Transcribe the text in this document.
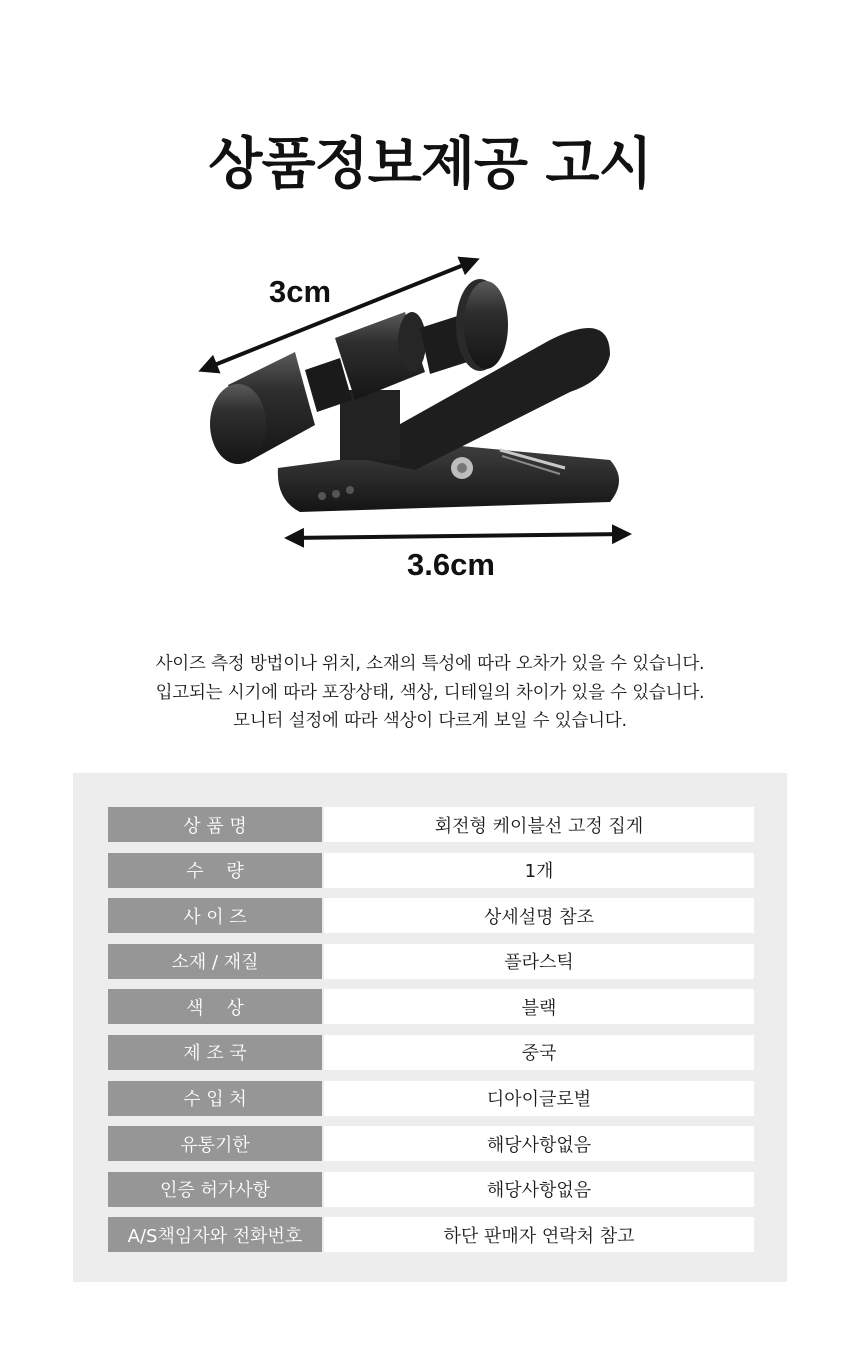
상품정보제공 고시
3cm
3.6cm
사이즈 측정 방법이나 위치, 소재의 특성에 따라 오차가 있을 수 있습니다.
입고되는 시기에 따라 포장상태, 색상, 디테일의 차이가 있을 수 있습니다.
모니터 설정에 따라 색상이 다르게 보일 수 있습니다.
상 품 명	회전형 케이블선 고정 집게
수    량	1개
사 이 즈	상세설명 참조
소재 / 재질	플라스틱
색    상	블랙
제 조 국	중국
수 입 처	디아이글로벌
유통기한	해당사항없음
인증 허가사항	해당사항없음
A/S책임자와 전화번호	하단 판매자 연락처 참고
